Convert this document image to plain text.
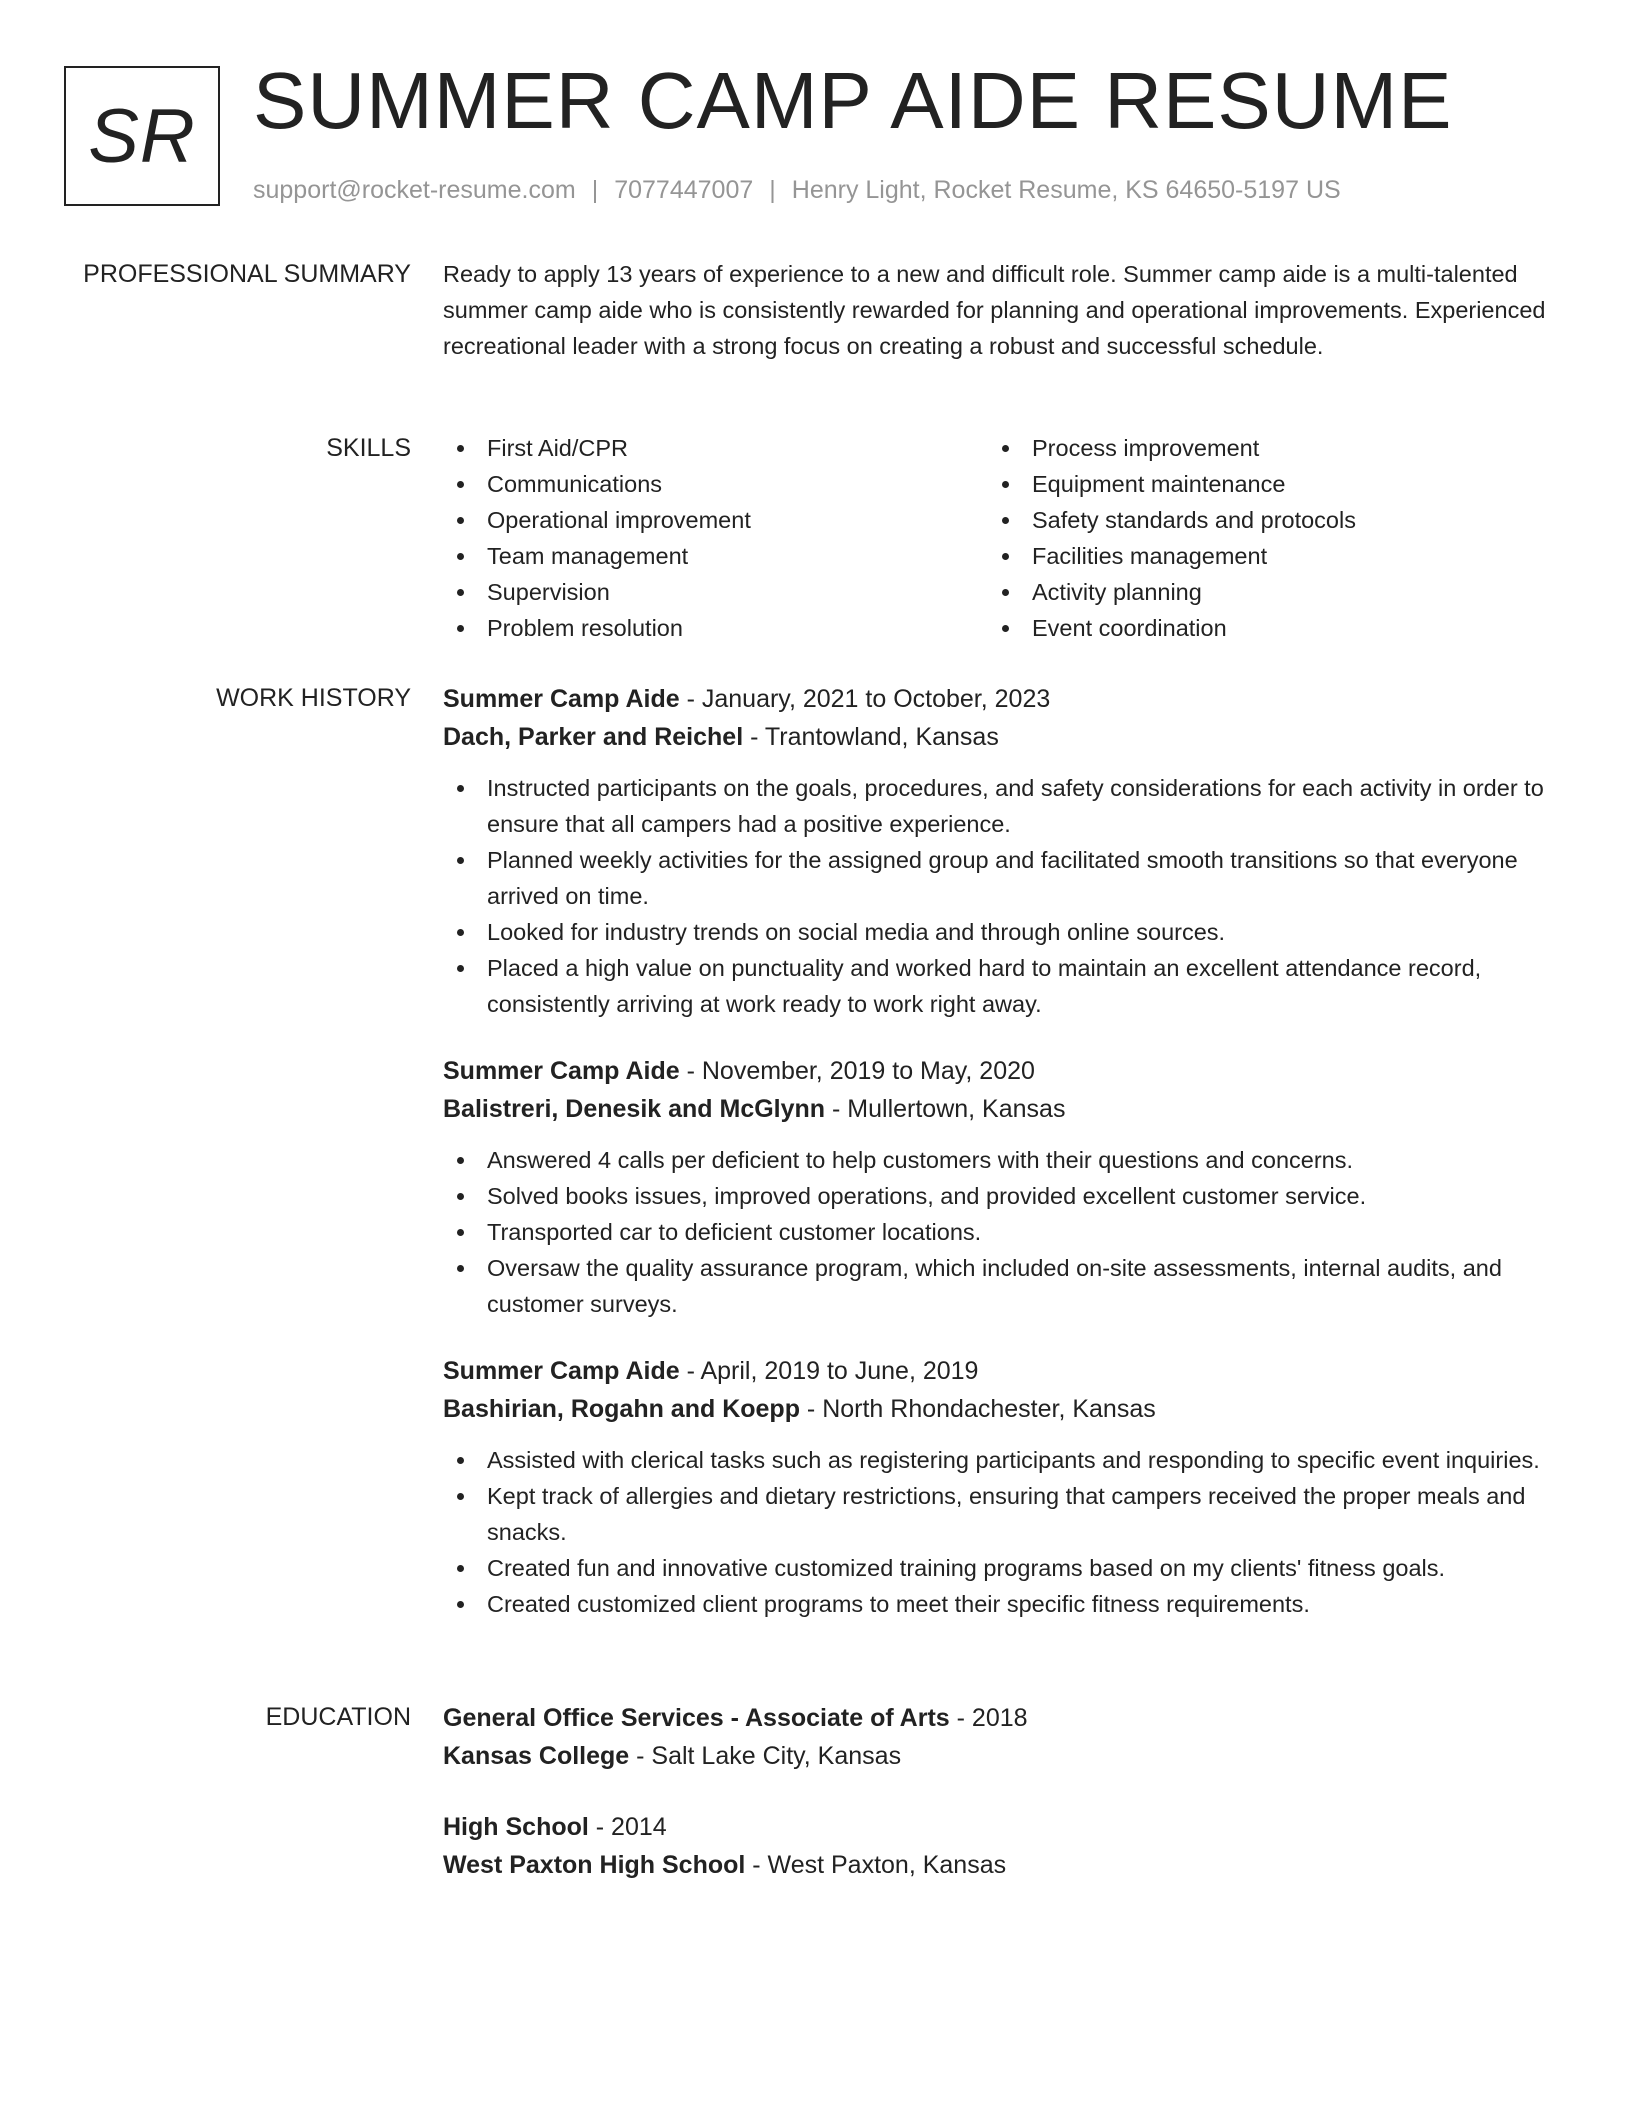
SR SUMMER CAMP AIDE RESUME
support@rocket-resume.com | 7077447007 | Henry Light, Rocket Resume, KS 64650-5197 US
PROFESSIONAL SUMMARY Ready to apply 13 years of experience to a new and difficult role. Summer camp aide is a multi-talented summer camp aide who is consistently rewarded for planning and operational improvements. Experienced recreational leader with a strong focus on creating a robust and successful schedule.

SKILLS	First Aid/CPR
Communications
Operational improvement
Team management
Supervision
Problem resolution
Process improvement
Equipment maintenance
Safety standards and protocols
Facilities management
Activity planning
Event coordination
WORK HISTORY Summer Camp Aide - January, 2021 to October, 2023
Dach, Parker and Reichel - Trantowland, Kansas
Instructed participants on the goals, procedures, and safety considerations for each activity in order to ensure that all campers had a positive experience.
Planned weekly activities for the assigned group and facilitated smooth transitions so that everyone arrived on time.
Looked for industry trends on social media and through online sources.
Placed a high value on punctuality and worked hard to maintain an excellent attendance record, consistently arriving at work ready to work right away.
Summer Camp Aide - November, 2019 to May, 2020
Balistreri, Denesik and McGlynn - Mullertown, Kansas
Answered 4 calls per deficient to help customers with their questions and concerns.
Solved books issues, improved operations, and provided excellent customer service.
Transported car to deficient customer locations.
Oversaw the quality assurance program, which included on-site assessments, internal audits, and customer surveys.
Summer Camp Aide - April, 2019 to June, 2019
Bashirian, Rogahn and Koepp - North Rhondachester, Kansas
Assisted with clerical tasks such as registering participants and responding to specific event inquiries.
Kept track of allergies and dietary restrictions, ensuring that campers received the proper meals and snacks.
Created fun and innovative customized training programs based on my clients' fitness goals.
Created customized client programs to meet their specific fitness requirements.
EDUCATION General Office Services - Associate of Arts - 2018
Kansas College - Salt Lake City, Kansas
High School - 2014
West Paxton High School - West Paxton, Kansas
